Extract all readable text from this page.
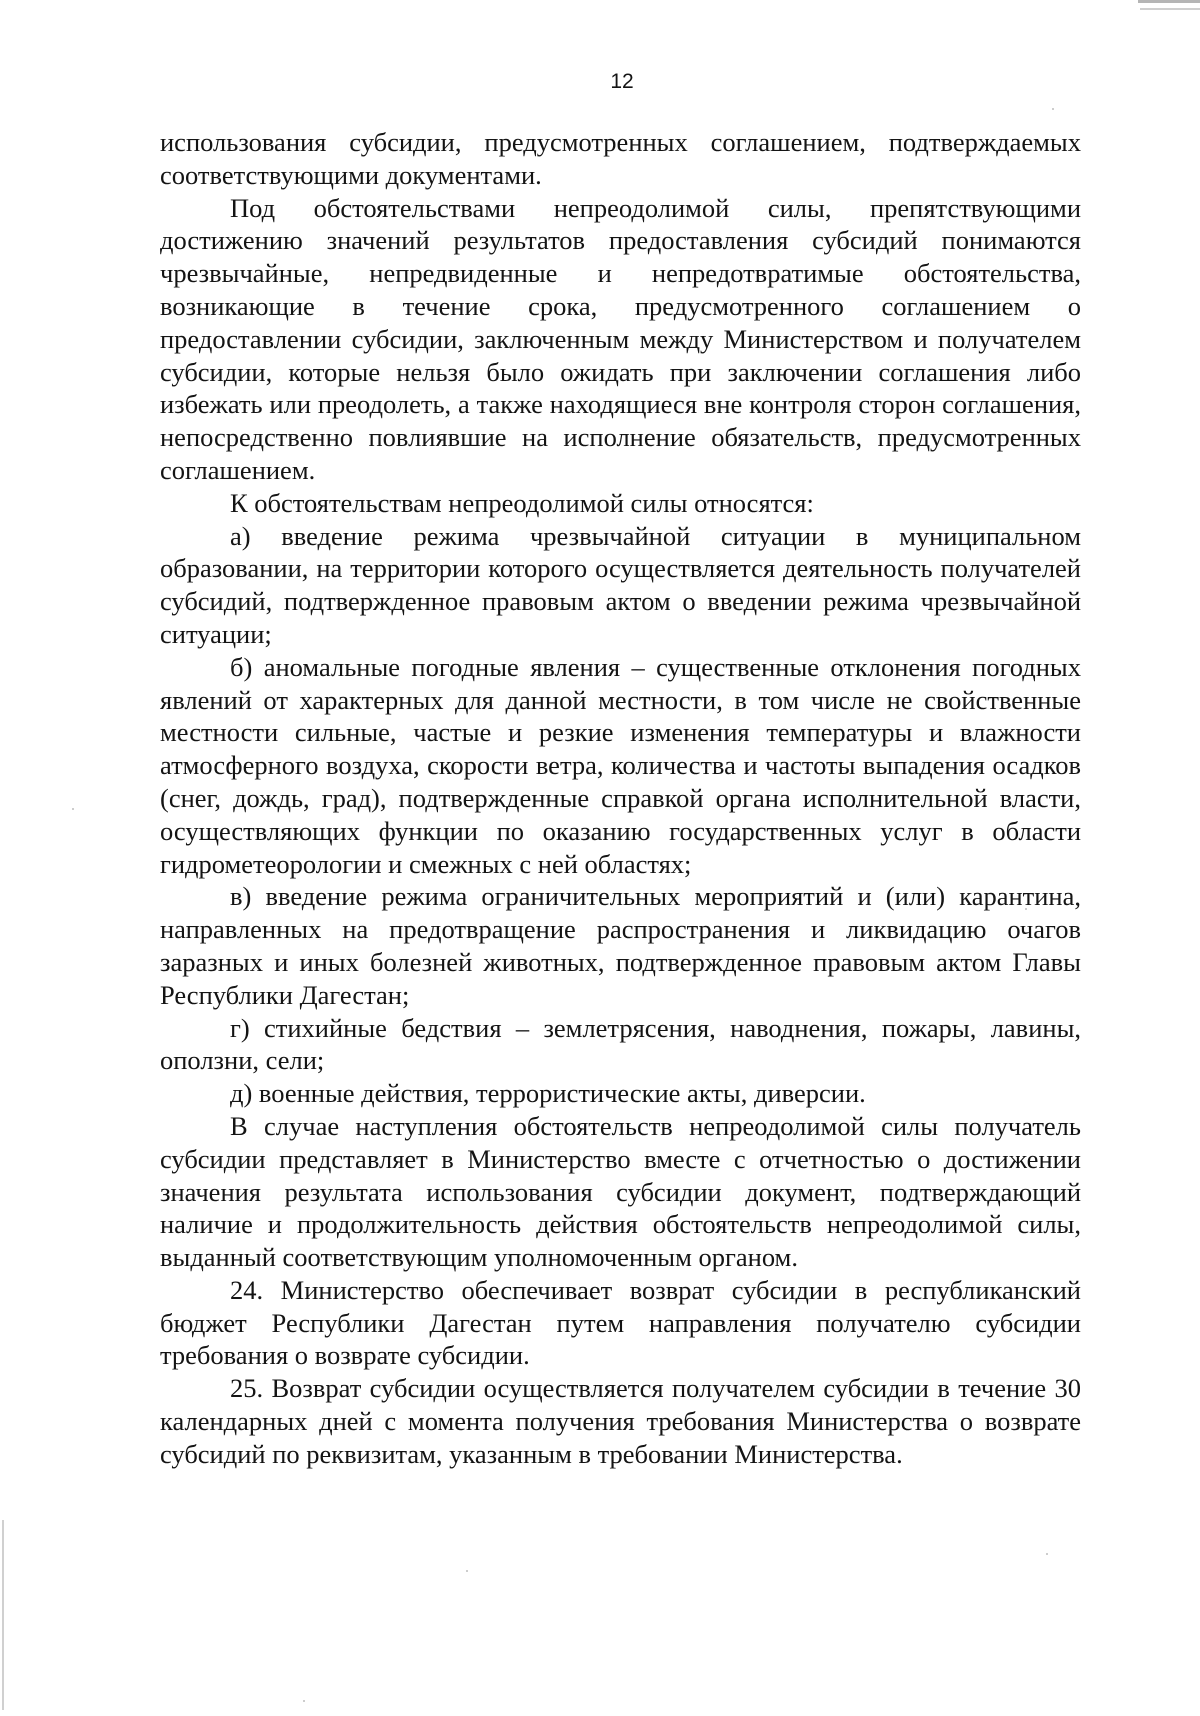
12

использования субсидии, предусмотренных соглашением, подтверждаемых соответствующими документами.

Под обстоятельствами непреодолимой силы, препятствующими достижению значений результатов предоставления субсидий понимаются чрезвычайные, непредвиденные и непредотвратимые обстоятельства, возникающие в течение срока, предусмотренного соглашением о предоставлении субсидии, заключенным между Министерством и получателем субсидии, которые нельзя было ожидать при заключении соглашения либо избежать или преодолеть, а также находящиеся вне контроля сторон соглашения, непосредственно повлиявшие на исполнение обязательств, предусмотренных соглашением.

К обстоятельствам непреодолимой силы относятся:

а) введение режима чрезвычайной ситуации в муниципальном образовании, на территории которого осуществляется деятельность получателей субсидий, подтвержденное правовым актом о введении режима чрезвычайной ситуации;

б) аномальные погодные явления – существенные отклонения погодных явлений от характерных для данной местности, в том числе не свойственные местности сильные, частые и резкие изменения температуры и влажности атмосферного воздуха, скорости ветра, количества и частоты выпадения осадков (снег, дождь, град), подтвержденные справкой органа исполнительной власти, осуществляющих функции по оказанию государственных услуг в области гидрометеорологии и смежных с ней областях;

в) введение режима ограничительных мероприятий и (или) карантина, направленных на предотвращение распространения и ликвидацию очагов заразных и иных болезней животных, подтвержденное правовым актом Главы Республики Дагестан;

г) стихийные бедствия – землетрясения, наводнения, пожары, лавины, оползни, сели;

д) военные действия, террористические акты, диверсии.

В случае наступления обстоятельств непреодолимой силы получатель субсидии представляет в Министерство вместе с отчетностью о достижении значения результата использования субсидии документ, подтверждающий наличие и продолжительность действия обстоятельств непреодолимой силы, выданный соответствующим уполномоченным органом.

24. Министерство обеспечивает возврат субсидии в республиканский бюджет Республики Дагестан путем направления получателю субсидии требования о возврате субсидии.

25. Возврат субсидии осуществляется получателем субсидии в течение 30 календарных дней с момента получения требования Министерства о возврате субсидий по реквизитам, указанным в требовании Министерства.
